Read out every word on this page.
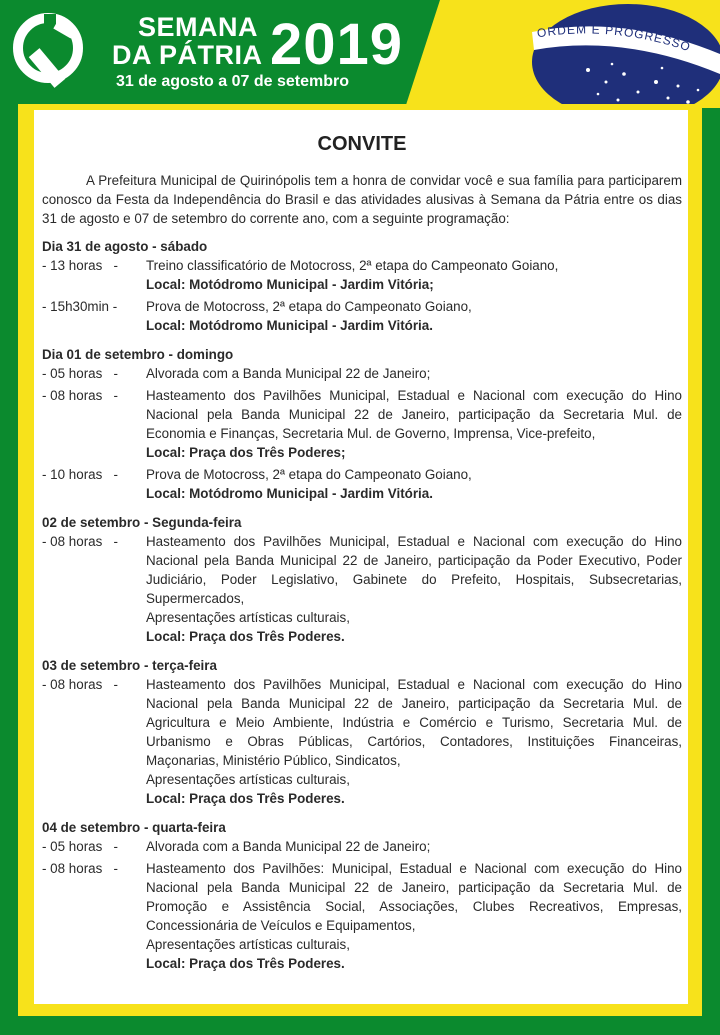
SEMANA
DA PÁTRIA 2019
31 de agosto a 07 de setembro
ORDEM E PROGRESSO
CONVITE
A Prefeitura Municipal de Quirinópolis tem a honra de convidar você e sua família para participarem conosco da Festa da Independência do Brasil e das atividades alusivas à Semana da Pátria entre os dias 31 de agosto e 07 de setembro do corrente ano, com a seguinte programação:
Dia 31 de agosto - sábado
- 13 horas   -	Treino classificatório de Motocross, 2ª etapa do Campeonato Goiano,
Local: Motódromo Municipal - Jardim Vitória;
- 15h30min -	Prova de Motocross, 2ª etapa do Campeonato Goiano,
Local: Motódromo Municipal - Jardim Vitória.
Dia 01 de setembro - domingo
- 05 horas   -	Alvorada com a Banda Municipal 22 de Janeiro;
- 08 horas   -	Hasteamento dos Pavilhões Municipal, Estadual e Nacional com execução do Hino Nacional pela Banda Municipal 22 de Janeiro, participação da Secretaria Mul. de Economia e Finanças, Secretaria Mul. de Governo, Imprensa, Vice-prefeito,
Local: Praça dos Três Poderes;
- 10 horas   -	Prova de Motocross, 2ª etapa do Campeonato Goiano,
Local: Motódromo Municipal - Jardim Vitória.
02 de setembro - Segunda-feira
- 08 horas   -	Hasteamento dos Pavilhões Municipal, Estadual e Nacional com execução do Hino Nacional pela Banda Municipal 22 de Janeiro, participação da Poder Executivo, Poder Judiciário, Poder Legislativo, Gabinete do Prefeito, Hospitais, Subsecretarias, Supermercados,
Apresentações artísticas culturais,
Local: Praça dos Três Poderes.
03 de setembro - terça-feira
- 08 horas   -	Hasteamento dos Pavilhões Municipal, Estadual e Nacional com execução do Hino Nacional pela Banda Municipal 22 de Janeiro, participação da Secretaria Mul. de Agricultura e Meio Ambiente, Indústria e Comércio e Turismo, Secretaria Mul. de Urbanismo e Obras Públicas, Cartórios, Contadores, Instituições Financeiras, Maçonarias, Ministério Público, Sindicatos,
Apresentações artísticas culturais,
Local: Praça dos Três Poderes.
04 de setembro - quarta-feira
- 05 horas   -	Alvorada com a Banda Municipal 22 de Janeiro;
- 08 horas   -	Hasteamento dos Pavilhões: Municipal, Estadual e Nacional com execução do Hino Nacional pela Banda Municipal 22 de Janeiro, participação da Secretaria Mul. de Promoção e Assistência Social, Associações, Clubes Recreativos, Empresas, Concessionária de Veículos e Equipamentos,
Apresentações artísticas culturais,
Local: Praça dos Três Poderes.
